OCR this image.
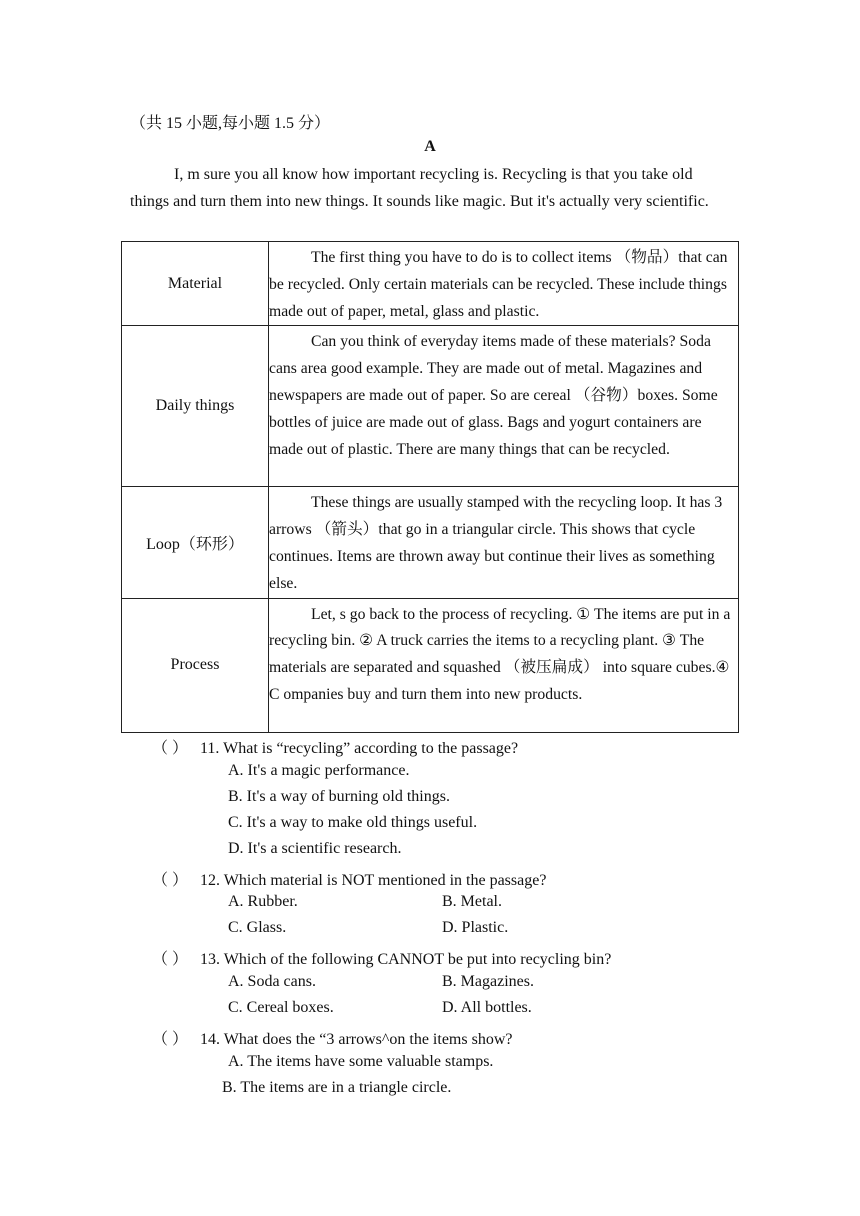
（共 15 小题,每小题 1.5 分）
A
I, m sure you all know how important recycling is. Recycling is that you take old things and turn them into new things. It sounds like magic. But it's actually very scientific.
Material	The first thing you have to do is to collect items （物品）that can be recycled. Only certain materials can be recycled. These include things made out of paper, metal, glass and plastic.
Daily things	Can you think of everyday items made of these materials? Soda cans area good example. They are made out of metal. Magazines and newspapers are made out of paper. So are cereal （谷物）boxes. Some bottles of juice are made out of glass. Bags and yogurt containers are made out of plastic. There are many things that can be recycled.
Loop（环形）	These things are usually stamped with the recycling loop. It has 3 arrows （箭头）that go in a triangular circle. This shows that cycle continues. Items are thrown away but continue their lives as something else.
Process	Let, s go back to the process of recycling. ① The items are put in a recycling bin. ② A truck carries the items to a recycling plant. ③ The materials are separated and squashed （被压扁成） into square cubes.④ C ompanies buy and turn them into new products.
（ ） 11. What is “recycling” according to the passage?
A. It's a magic performance.
B. It's a way of burning old things.
C. It's a way to make old things useful.
D. It's a scientific research.
（ ） 12. Which material is NOT mentioned in the passage?
A. Rubber.	B. Metal.
C. Glass.	D. Plastic.
（ ） 13. Which of the following CANNOT be put into recycling bin?
A. Soda cans.	B. Magazines.
C. Cereal boxes.	D. All bottles.
（ ） 14. What does the “3 arrows^on the items show?
A. The items have some valuable stamps.
B. The items are in a triangle circle.
